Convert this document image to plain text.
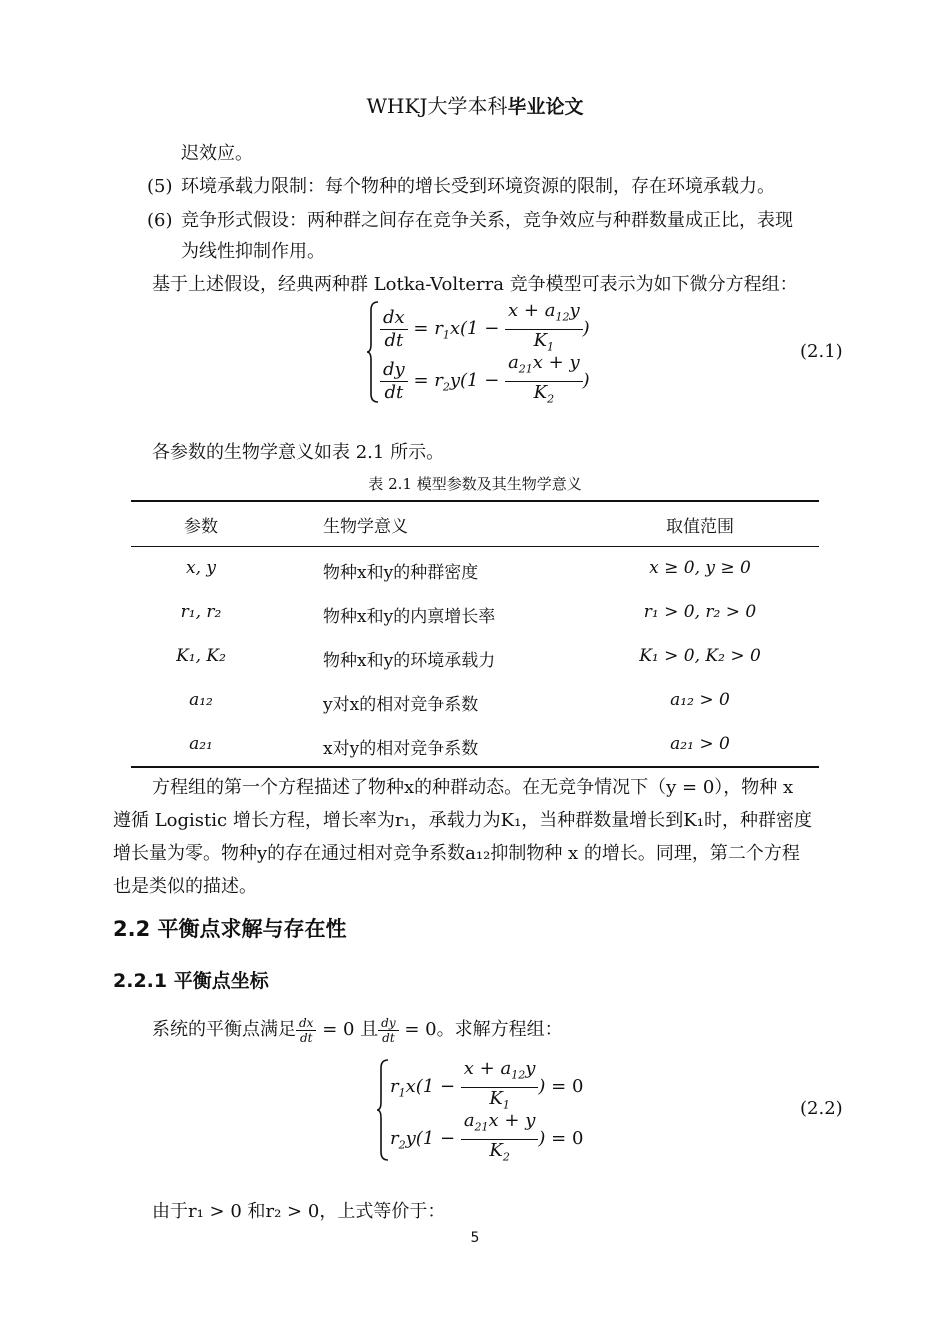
WHKJ大学本科毕业论文
迟效应。
(5) 环境承载力限制：每个物种的增长受到环境资源的限制，存在环境承载力。
(6) 竞争形式假设：两种群之间存在竞争关系，竞争效应与种群数量成正比，表现
为线性抑制作用。
基于上述假设，经典两种群 Lotka-Volterra 竞争模型可表示为如下微分方程组：
$\frac{dx}{dt} = r_1x(1 - \frac{x + a_{12}y}{K_1}$ )
$\frac{dy}{dt} = r_2y(1 - \frac{a_{21}x + y}{K_2}$ )
(2.1)
各参数的生物学意义如表 2.1 所示。
表 2.1 模型参数及其生物学意义
参数	生物学意义	取值范围
x, y	物种x和y的种群密度	x ≥ 0, y ≥ 0
r₁, r₂	物种x和y的内禀增长率	r₁ > 0, r₂ > 0
K₁, K₂	物种x和y的环境承载力	K₁ > 0, K₂ > 0
a₁₂	y对x的相对竞争系数	a₁₂ > 0
a₂₁	x对y的相对竞争系数	a₂₁ > 0
方程组的第一个方程描述了物种x的种群动态。在无竞争情况下（y = 0），物种 x
遵循 Logistic 增长方程，增长率为r₁，承载力为K₁，当种群数量增长到K₁时，种群密度
增长量为零。物种y的存在通过相对竞争系数a₁₂抑制物种 x 的增长。同理，第二个方程
也是类似的描述。
2.2 平衡点求解与存在性
2.2.1 平衡点坐标
系统的平衡点满足 $\frac{dx}{dt} = 0$ 且 $\frac{dy}{dt} = 0$。求解方程组：
$r_1x(1 - \frac{x + a_{12}y}{K_1}$ ) = 0
$r_2y(1 - \frac{a_{21}x + y}{K_2}$ ) = 0
(2.2)
由于r₁ > 0 和r₂ > 0，上式等价于：
5
